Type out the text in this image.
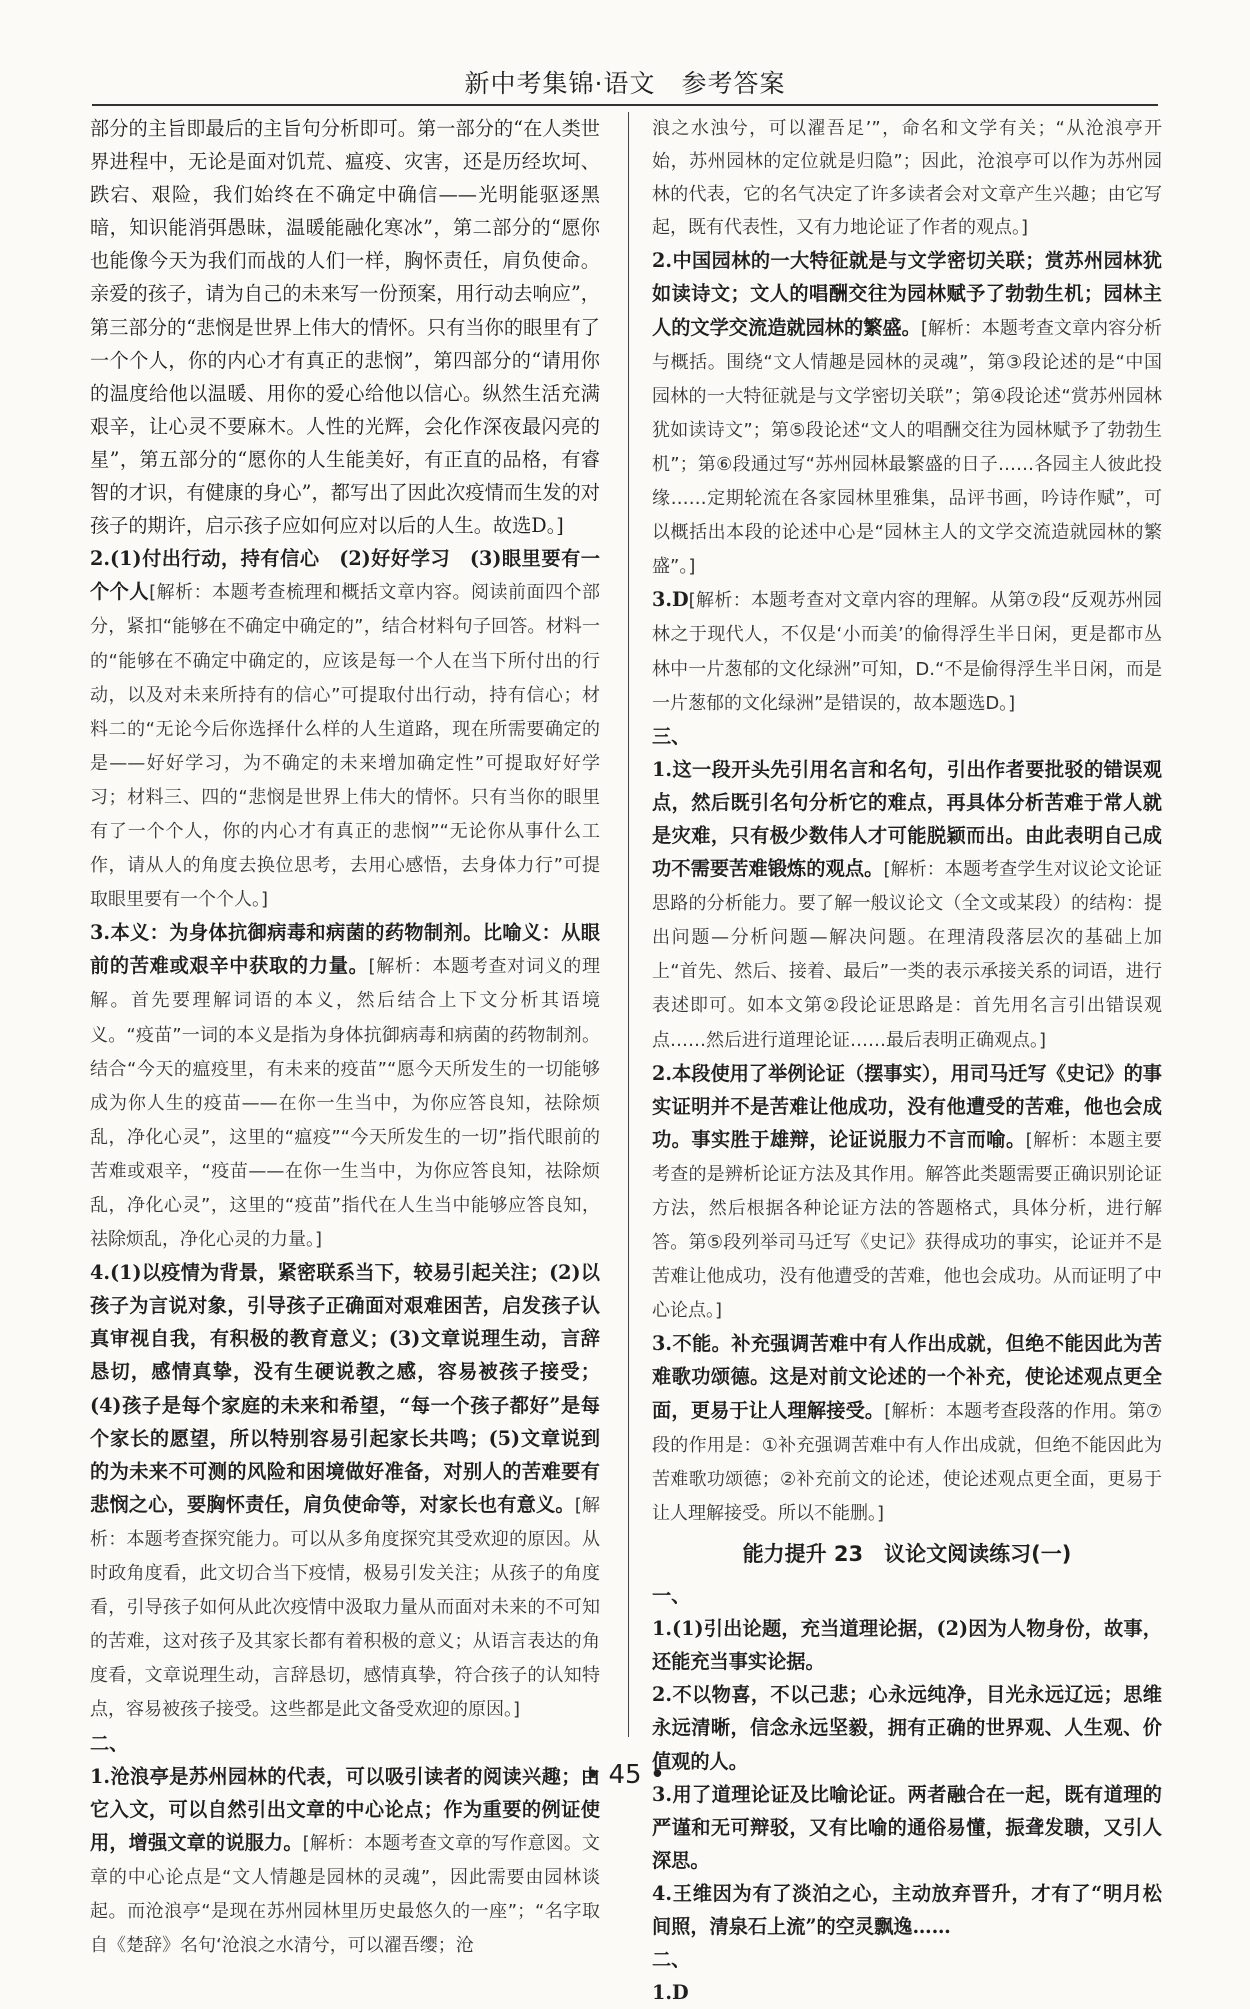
新中考集锦·语文　参考答案

部分的主旨即最后的主旨句分析即可。第一部分的“在人类世界进程中，无论是面对饥荒、瘟疫、灾害，还是历经坎坷、跌宕、艰险，我们始终在不确定中确信——光明能驱逐黑暗，知识能消弭愚昧，温暖能融化寒冰”，第二部分的“愿你也能像今天为我们而战的人们一样，胸怀责任，肩负使命。亲爱的孩子，请为自己的未来写一份预案，用行动去响应”，第三部分的“悲悯是世界上伟大的情怀。只有当你的眼里有了一个个人，你的内心才有真正的悲悯”，第四部分的“请用你的温度给他以温暖、用你的爱心给他以信心。纵然生活充满艰辛，让心灵不要麻木。人性的光辉，会化作深夜最闪亮的星”，第五部分的“愿你的人生能美好，有正直的品格，有睿智的才识，有健康的身心”，都写出了因此次疫情而生发的对孩子的期许，启示孩子应如何应对以后的人生。故选D。]

2.(1)付出行动，持有信心　(2)好好学习　(3)眼里要有一个个人[解析：本题考查梳理和概括文章内容。阅读前面四个部分，紧扣“能够在不确定中确定的”，结合材料句子回答。材料一的“能够在不确定中确定的，应该是每一个人在当下所付出的行动，以及对未来所持有的信心”可提取付出行动，持有信心；材料二的“无论今后你选择什么样的人生道路，现在所需要确定的是——好好学习，为不确定的未来增加确定性”可提取好好学习；材料三、四的“悲悯是世界上伟大的情怀。只有当你的眼里有了一个个人，你的内心才有真正的悲悯”“无论你从事什么工作，请从人的角度去换位思考，去用心感悟，去身体力行”可提取眼里要有一个个人。]

3.本义：为身体抗御病毒和病菌的药物制剂。比喻义：从眼前的苦难或艰辛中获取的力量。[解析：本题考查对词义的理解。首先要理解词语的本义，然后结合上下文分析其语境义。“疫苗”一词的本义是指为身体抗御病毒和病菌的药物制剂。结合“今天的瘟疫里，有未来的疫苗”“愿今天所发生的一切能够成为你人生的疫苗——在你一生当中，为你应答良知，祛除烦乱，净化心灵”，这里的“瘟疫”“今天所发生的一切”指代眼前的苦难或艰辛，“疫苗——在你一生当中，为你应答良知，祛除烦乱，净化心灵”，这里的“疫苗”指代在人生当中能够应答良知，祛除烦乱，净化心灵的力量。]

4.(1)以疫情为背景，紧密联系当下，较易引起关注；(2)以孩子为言说对象，引导孩子正确面对艰难困苦，启发孩子认真审视自我，有积极的教育意义；(3)文章说理生动，言辞恳切，感情真挚，没有生硬说教之感，容易被孩子接受；(4)孩子是每个家庭的未来和希望，“每一个孩子都好”是每个家长的愿望，所以特别容易引起家长共鸣；(5)文章说到的为未来不可测的风险和困境做好准备，对别人的苦难要有悲悯之心，要胸怀责任，肩负使命等，对家长也有意义。[解析：本题考查探究能力。可以从多角度探究其受欢迎的原因。从时政角度看，此文切合当下疫情，极易引发关注；从孩子的角度看，引导孩子如何从此次疫情中汲取力量从而面对未来的不可知的苦难，这对孩子及其家长都有着积极的意义；从语言表达的角度看，文章说理生动，言辞恳切，感情真挚，符合孩子的认知特点，容易被孩子接受。这些都是此文备受欢迎的原因。]

二、

1.沧浪亭是苏州园林的代表，可以吸引读者的阅读兴趣；由它入文，可以自然引出文章的中心论点；作为重要的例证使用，增强文章的说服力。[解析：本题考查文章的写作意図。文章的中心论点是“文人情趣是园林的灵魂”，因此需要由园林谈起。而沧浪亭“是现在苏州园林里历史最悠久的一座”；“名字取自《楚辞》名句‘沧浪之水清兮，可以濯吾缨；沧

浪之水浊兮，可以濯吾足’”，命名和文学有关；“从沧浪亭开始，苏州园林的定位就是归隐”；因此，沧浪亭可以作为苏州园林的代表，它的名气决定了许多读者会对文章产生兴趣；由它写起，既有代表性，又有力地论证了作者的观点。]

2.中国园林的一大特征就是与文学密切关联；赏苏州园林犹如读诗文；文人的唱酬交往为园林赋予了勃勃生机；园林主人的文学交流造就园林的繁盛。[解析：本题考查文章内容分析与概括。围绕“文人情趣是园林的灵魂”，第③段论述的是“中国园林的一大特征就是与文学密切关联”；第④段论述“赏苏州园林犹如读诗文”；第⑤段论述“文人的唱酬交往为园林赋予了勃勃生机”；第⑥段通过写“苏州园林最繁盛的日子……各园主人彼此投缘……定期轮流在各家园林里雅集，品评书画，吟诗作赋”，可以概括出本段的论述中心是“园林主人的文学交流造就园林的繁盛”。]

3.D[解析：本题考查对文章内容的理解。从第⑦段“反观苏州园林之于现代人，不仅是‘小而美’的偷得浮生半日闲，更是都市丛林中一片葱郁的文化绿洲”可知，D.“不是偷得浮生半日闲，而是一片葱郁的文化绿洲”是错误的，故本题选D。]

三、

1.这一段开头先引用名言和名句，引出作者要批驳的错误观点，然后既引名句分析它的难点，再具体分析苦难于常人就是灾难，只有极少数伟人才可能脱颖而出。由此表明自己成功不需要苦难锻炼的观点。[解析：本题考查学生对议论文论证思路的分析能力。要了解一般议论文（全文或某段）的结构：提出问题—分析问题—解决问题。在理清段落层次的基础上加上“首先、然后、接着、最后”一类的表示承接关系的词语，进行表述即可。如本文第②段论证思路是：首先用名言引出错误观点……然后进行道理论证……最后表明正确观点。]

2.本段使用了举例论证（摆事实），用司马迁写《史记》的事实证明并不是苦难让他成功，没有他遭受的苦难，他也会成功。事实胜于雄辩，论证说服力不言而喻。[解析：本题主要考查的是辨析论证方法及其作用。解答此类题需要正确识别论证方法，然后根据各种论证方法的答题格式，具体分析，进行解答。第⑤段列举司马迁写《史记》获得成功的事实，论证并不是苦难让他成功，没有他遭受的苦难，他也会成功。从而证明了中心论点。]

3.不能。补充强调苦难中有人作出成就，但绝不能因此为苦难歌功颂德。这是对前文论述的一个补充，使论述观点更全面，更易于让人理解接受。[解析：本题考查段落的作用。第⑦段的作用是：①补充强调苦难中有人作出成就，但绝不能因此为苦难歌功颂德；②补充前文的论述，使论述观点更全面，更易于让人理解接受。所以不能删。]

能力提升 23　议论文阅读练习(一)

一、

1.(1)引出论题，充当道理论据，(2)因为人物身份，故事，还能充当事实论据。

2.不以物喜，不以己悲；心永远纯净，目光永远辽远；思维永远清晰，信念永远坚毅，拥有正确的世界观、人生观、价值观的人。

3.用了道理论证及比喻论证。两者融合在一起，既有道理的严谨和无可辩驳，又有比喻的通俗易懂，振聋发聩，又引人深思。

4.王维因为有了淡泊之心，主动放弃晋升，才有了“明月松间照，清泉石上流”的空灵飘逸……

二、

1.D

• 45 •
